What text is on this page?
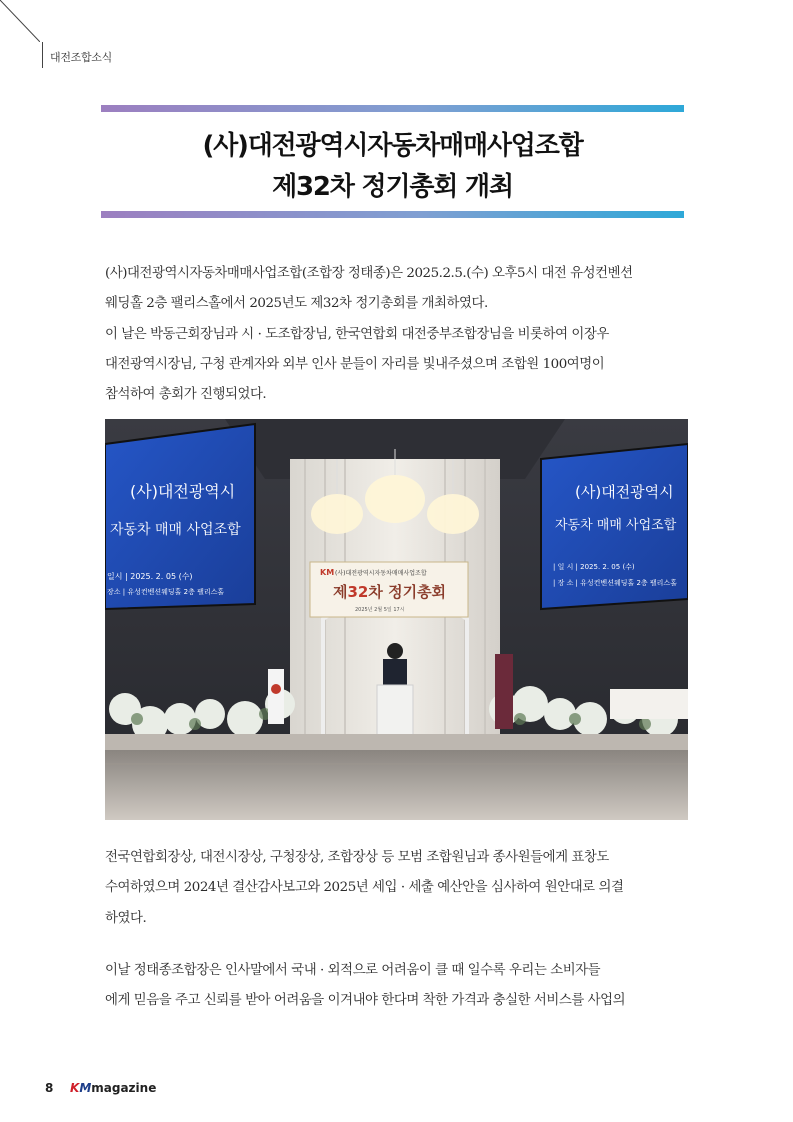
대전조합소식
(사)대전광역시자동차매매사업조합
제32차 정기총회 개최

(사)대전광역시자동차매매사업조합(조합장 정태종)은 2025.2.5.(수) 오후5시 대전 유성컨벤션
웨딩홀 2층 팰리스홀에서 2025년도 제32차 정기총회를 개최하였다.
이 날은 박동근회장님과 시 · 도조합장님, 한국연합회 대전중부조합장님을 비롯하여 이장우
대전광역시장님, 구청 관계자와 외부 인사 분들이 자리를 빛내주셨으며 조합원 100여명이
참석하여 총회가 진행되었다.

(사)대전광역시
자동차 매매 사업조합
일시 | 2025. 2. 05 (수)
장소 | 유성컨벤션웨딩홀 2층 팰리스홀
(사)대전광역시
자동차 매매 사업조합
| 일 시 | 2025. 2. 05 (수)
| 장 소 | 유성컨벤션웨딩홀 2층 팰리스홀
KM (사)대전광역시자동차매매사업조합
제32차 정기총회
2025년 2월 5일 17시

전국연합회장상, 대전시장상, 구청장상, 조합장상 등 모범 조합원님과 종사원들에게 표창도
수여하였으며 2024년 결산감사보고와 2025년 세입 · 세출 예산안을 심사하여 원안대로 의결
하였다.

이날 정태종조합장은 인사말에서 국내 · 외적으로 어려움이 클 때 일수록 우리는 소비자들
에게 믿음을 주고 신뢰를 받아 어려움을 이겨내야 한다며 착한 가격과 충실한 서비스를 사업의

8 KMmagazine
